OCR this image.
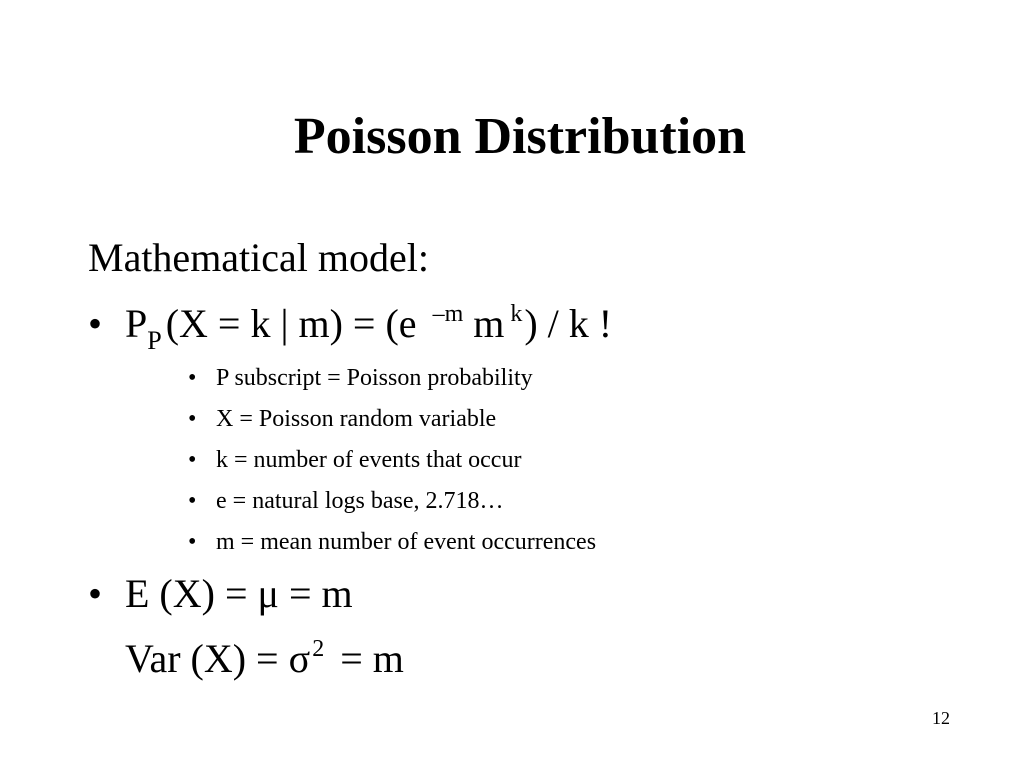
Poisson Distribution
Mathematical model:
• $P_P$ (X = k | m) = (e $^{-m}$ m $^k$) / k !
• P subscript = Poisson probability
• X = Poisson random variable
• k = number of events that occur
• e = natural logs base, 2.718…
• m = mean number of event occurrences
• E (X) = μ = m
Var $(X) = \sigma^2 = m$
12
